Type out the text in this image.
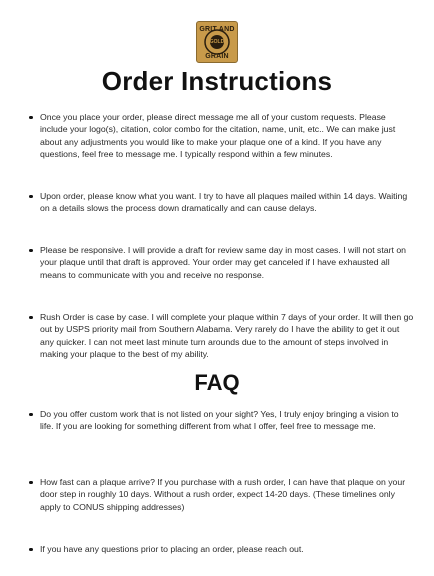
GRIT AND
GOLD
GRAIN
Order Instructions
Once you place your order, please direct message me all of your custom requests. Please include your logo(s), citation, color combo for the citation, name, unit, etc.. We can make just about any adjustments you would like to make your plaque one of a kind. If you have any questions, feel free to message me. I typically respond within a few minutes.
Upon order, please know what you want. I try to have all plaques mailed within 14 days. Waiting on a details slows the process down dramatically and can cause delays.
Please be responsive. I will provide a draft for review same day in most cases. I will not start on your plaque until that draft is approved. Your order may get canceled if I have exhausted all means to communicate with you and receive no response.
Rush Order is case by case. I will complete your plaque within 7 days of your order. It will then go out by USPS priority mail from Southern Alabama. Very rarely do I have the ability to get it out any quicker. I can not meet last minute turn arounds due to the amount of steps involved in making your plaque to the best of my ability.
FAQ
Do you offer custom work that is not listed on your sight? Yes, I truly enjoy bringing a vision to life. If you are looking for something different from what I offer, feel free to message me.
How fast can a plaque arrive? If you purchase with a rush order, I can have that plaque on your door step in roughly 10 days. Without a rush order, expect 14-20 days. (These timelines only apply to CONUS shipping addresses)
If you have any questions prior to placing an order, please reach out.
